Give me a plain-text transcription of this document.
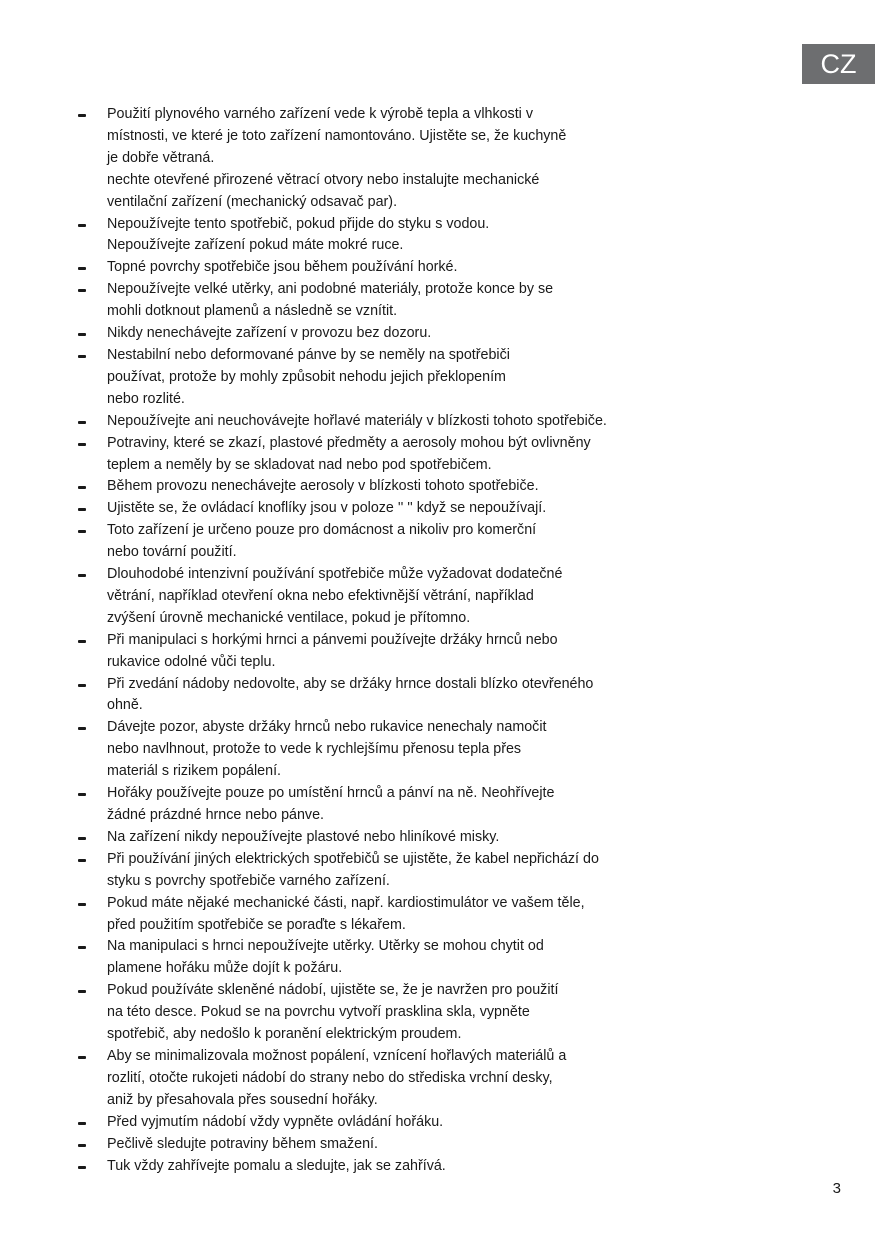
CZ
Použití plynového varného zařízení vede k výrobě tepla a vlhkosti v
místnosti, ve které je toto zařízení namontováno. Ujistěte se, že kuchyně
je dobře větraná.
nechte otevřené přirozené větrací otvory nebo instalujte mechanické
ventilační zařízení (mechanický odsavač par).
Nepoužívejte tento spotřebič, pokud přijde do styku s vodou.
Nepoužívejte zařízení pokud máte mokré ruce.
Topné povrchy spotřebiče jsou během používání horké.
Nepoužívejte velké utěrky, ani podobné materiály, protože konce by se
mohli dotknout plamenů a následně se vznítit.
Nikdy nenechávejte zařízení v provozu bez dozoru.
Nestabilní nebo deformované pánve by se neměly na spotřebiči
používat, protože by mohly způsobit nehodu jejich překlopením
nebo rozlité.
Nepoužívejte ani neuchovávejte hořlavé materiály v blízkosti tohoto spotřebiče.
Potraviny, které se zkazí, plastové předměty a aerosoly mohou být ovlivněny
teplem a neměly by se skladovat nad nebo pod spotřebičem.
Během provozu nenechávejte aerosoly v blízkosti tohoto spotřebiče.
Ujistěte se, že ovládací knoflíky jsou v poloze '' '' když se nepoužívají.
Toto zařízení je určeno pouze pro domácnost a nikoliv pro komerční
nebo tovární použití.
Dlouhodobé intenzivní používání spotřebiče může vyžadovat dodatečné
větrání, například otevření okna nebo efektivnější větrání, například
zvýšení úrovně mechanické ventilace, pokud je přítomno.
Při manipulaci s horkými hrnci a pánvemi používejte držáky hrnců nebo
rukavice odolné vůči teplu.
Při zvedání nádoby nedovolte, aby se držáky hrnce dostali blízko otevřeného
ohně.
Dávejte pozor, abyste držáky hrnců nebo rukavice nenechaly namočit
nebo navlhnout, protože to vede k rychlejšímu přenosu tepla přes
materiál s rizikem popálení.
Hořáky používejte pouze po umístění hrnců a pánví na ně. Neohřívejte
žádné prázdné hrnce nebo pánve.
Na zařízení nikdy nepoužívejte plastové nebo hliníkové misky.
Při používání jiných elektrických spotřebičů se ujistěte, že kabel nepřichází do
styku s povrchy spotřebiče varného zařízení.
Pokud máte nějaké mechanické části, např. kardiostimulátor ve vašem těle,
před použitím spotřebiče se poraďte s lékařem.
Na manipulaci s hrnci nepoužívejte utěrky. Utěrky se mohou chytit od
plamene hořáku může dojít k požáru.
Pokud používáte skleněné nádobí, ujistěte se, že je navržen pro použití
na této desce. Pokud se na povrchu vytvoří prasklina skla, vypněte
spotřebič, aby nedošlo k poranění elektrickým proudem.
Aby se minimalizovala možnost popálení, vznícení hořlavých materiálů a
rozlití, otočte rukojeti nádobí do strany nebo do střediska vrchní desky,
aniž by přesahovala přes sousední hořáky.
Před vyjmutím nádobí vždy vypněte ovládání hořáku.
Pečlivě sledujte potraviny během smažení.
Tuk vždy zahřívejte pomalu a sledujte, jak se zahřívá.
3
